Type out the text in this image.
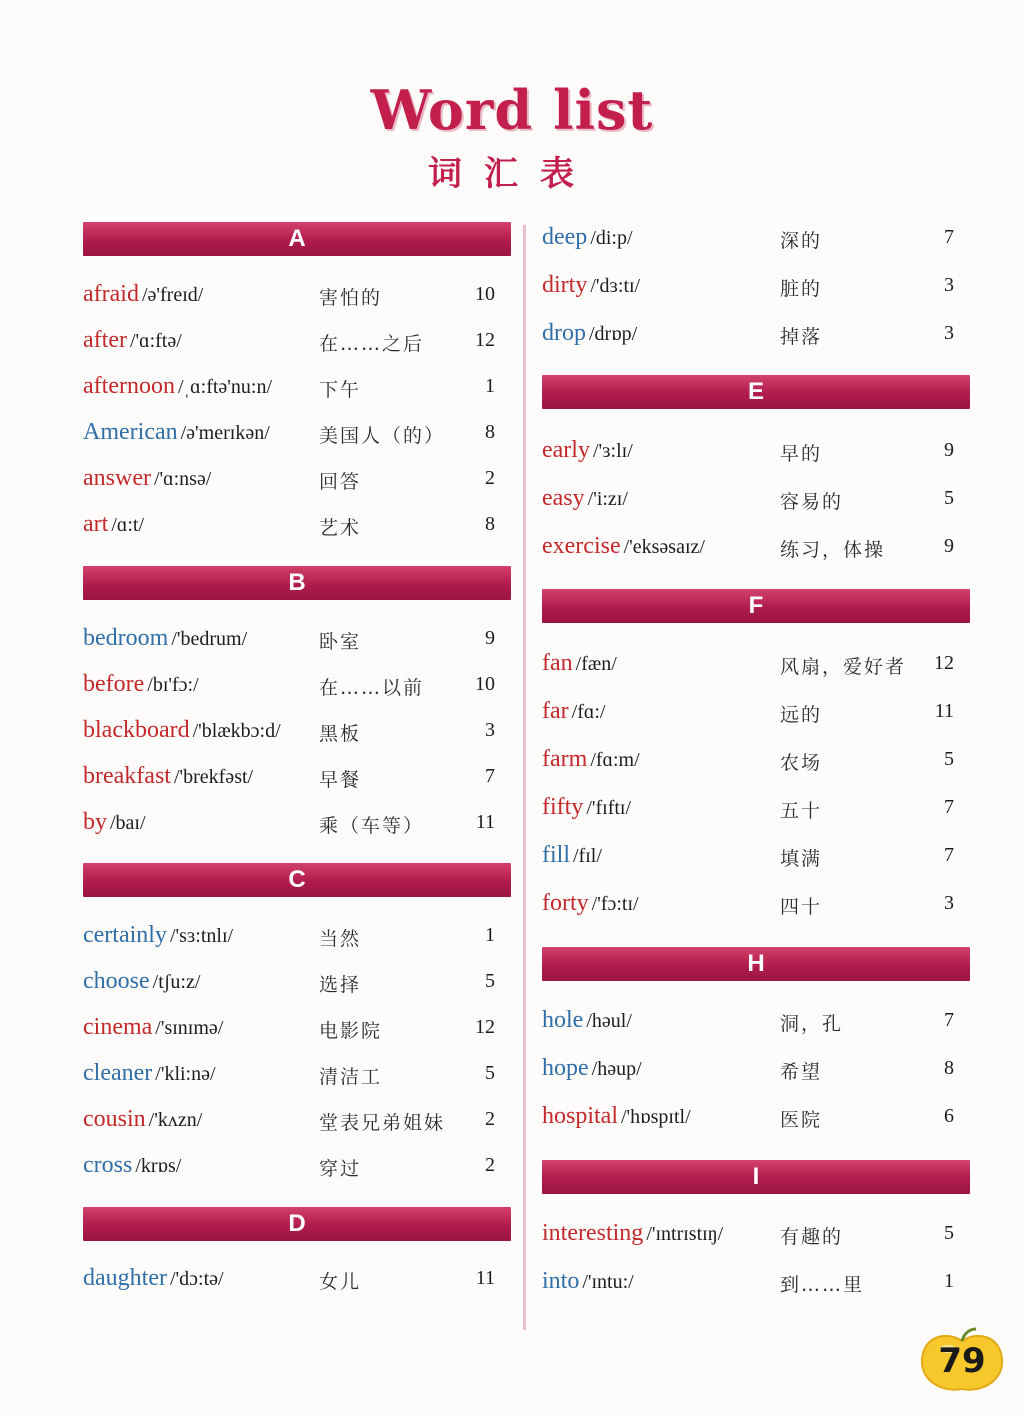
Word list
词汇表
A
afraid /ə'freɪd/	害怕的	10
after /'ɑ:ftə/	在……之后	12
afternoon /ˌɑ:ftə'nu:n/ 下午	1
American /ə'merɪkən/	美国人（的）	8
answer /'ɑ:nsə/	回答	2
art /ɑ:t/	艺术	8
B
bedroom /'bedrum/	卧室	9
before /bɪ'fɔ:/	在……以前	10
blackboard /'blækbɔ:d/ 黑板	3
breakfast /'brekfəst/	早餐	7
by /baɪ/	乘（车等）	11
C
certainly /'sɜ:tnlɪ/	当然	1
choose /tʃu:z/	选择	5
cinema /'sɪnɪmə/	电影院	12
cleaner /'kli:nə/	清洁工	5
cousin /'kʌzn/	堂表兄弟姐妹	2
cross /krɒs/	穿过	2
D
daughter /'dɔ:tə/	女儿	11
deep /di:p/	深的	7
dirty /'dɜ:tɪ/	脏的	3
drop /drɒp/	掉落	3
E
early /'ɜ:lɪ/	早的	9
easy /'i:zɪ/	容易的	5
exercise /'eksəsaɪz/	练习，体操	9
F
fan /fæn/	风扇，爱好者	12
far /fɑ:/	远的	11
farm /fɑ:m/	农场	5
fifty /'fɪftɪ/	五十	7
fill /fɪl/	填满	7
forty /'fɔ:tɪ/	四十	3
H
hole /həul/	洞，孔	7
hope /həup/	希望	8
hospital /'hɒspɪtl/	医院	6
I
interesting /'ɪntrɪstɪŋ/	有趣的	5
into /'ɪntu:/	到……里	1
79
